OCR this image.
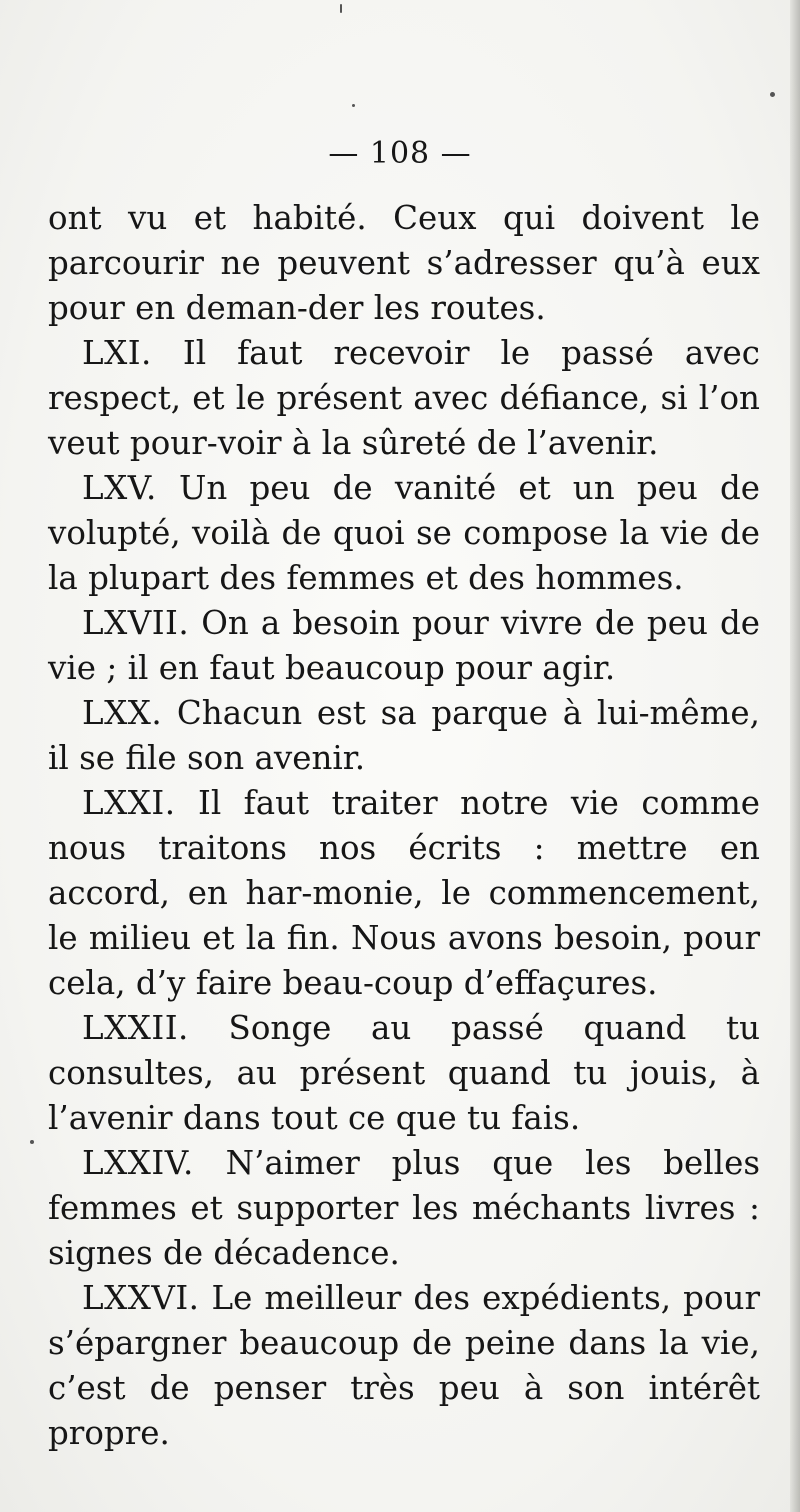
— 108 —

ont vu et habité. Ceux qui doivent le parcourir ne peuvent s’adresser qu’à eux pour en deman-der les routes.

LXI. Il faut recevoir le passé avec respect, et le présent avec défiance, si l’on veut pour-voir à la sûreté de l’avenir.

LXV. Un peu de vanité et un peu de volupté, voilà de quoi se compose la vie de la plupart des femmes et des hommes.

LXVII. On a besoin pour vivre de peu de vie ; il en faut beaucoup pour agir.

LXX. Chacun est sa parque à lui-même, il se file son avenir.

LXXI. Il faut traiter notre vie comme nous traitons nos écrits : mettre en accord, en har-monie, le commencement, le milieu et la fin. Nous avons besoin, pour cela, d’y faire beau-coup d’effaçures.

LXXII. Songe au passé quand tu consultes, au présent quand tu jouis, à l’avenir dans tout ce que tu fais.

LXXIV. N’aimer plus que les belles femmes et supporter les méchants livres : signes de décadence.

LXXVI. Le meilleur des expédients, pour s’épargner beaucoup de peine dans la vie, c’est de penser très peu à son intérêt propre.
